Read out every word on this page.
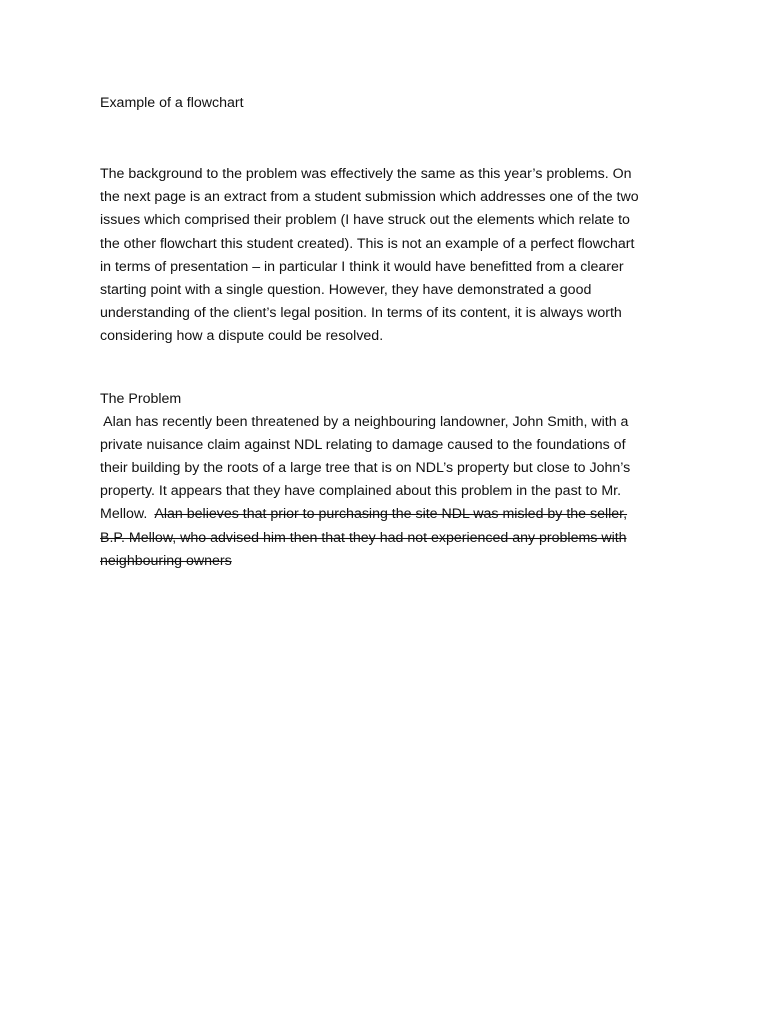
Example of a flowchart

The background to the problem was effectively the same as this year’s problems. On
the next page is an extract from a student submission which addresses one of the two
issues which comprised their problem (I have struck out the elements which relate to
the other flowchart this student created). This is not an example of a perfect flowchart
in terms of presentation – in particular I think it would have benefitted from a clearer
starting point with a single question. However, they have demonstrated a good
understanding of the client’s legal position. In terms of its content, it is always worth
considering how a dispute could be resolved.

The Problem

Alan has recently been threatened by a neighbouring landowner, John Smith, with a
private nuisance claim against NDL relating to damage caused to the foundations of
their building by the roots of a large tree that is on NDL’s property but close to John’s
property. It appears that they have complained about this problem in the past to Mr.
Mellow.  Alan believes that prior to purchasing the site NDL was misled by the seller,
B.P. Mellow, who advised him then that they had not experienced any problems with
neighbouring owners
